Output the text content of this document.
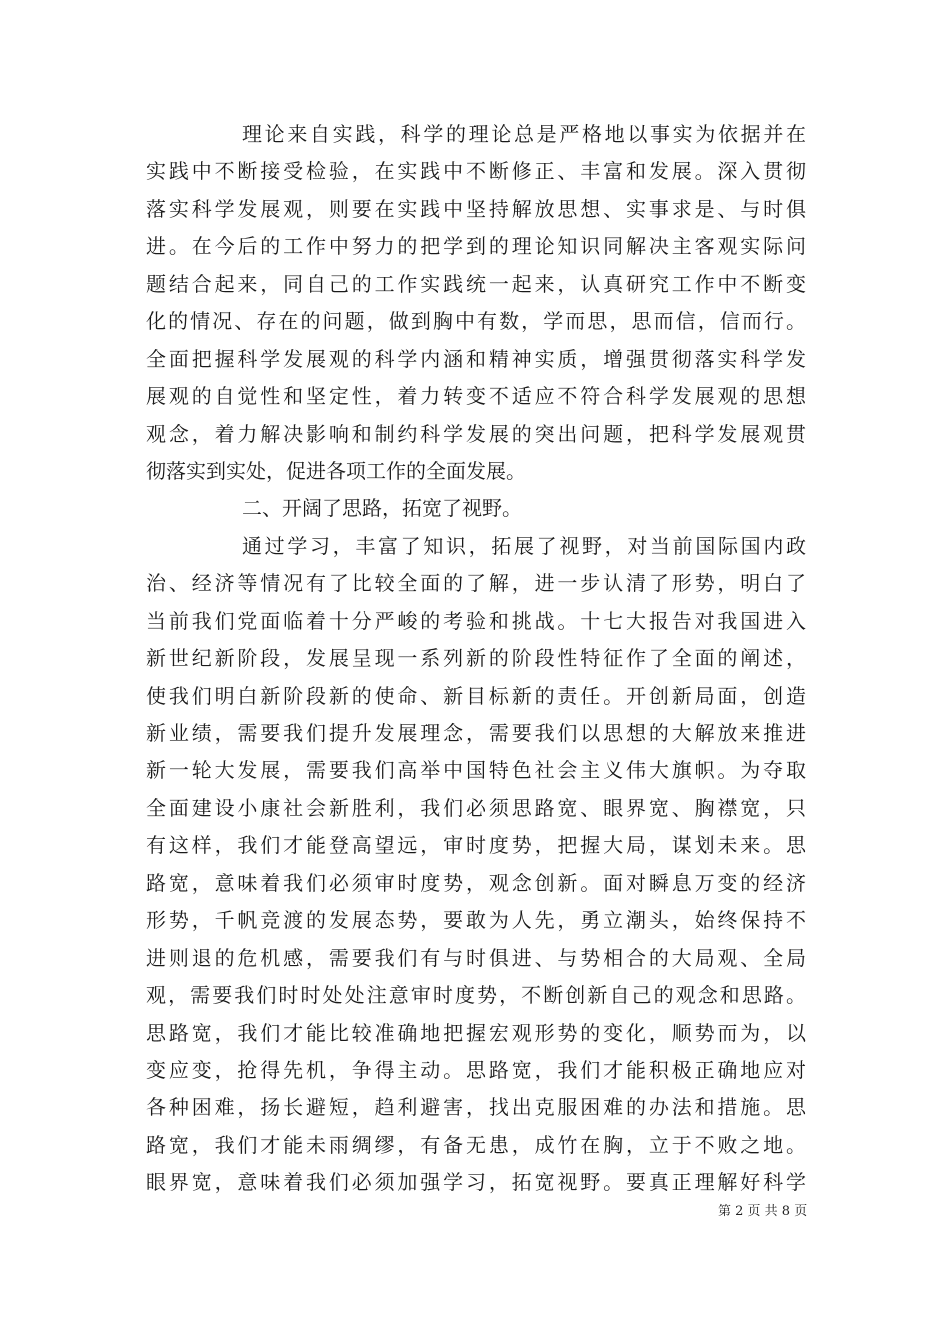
理论来自实践，科学的理论总是严格地以事实为依据并在
实践中不断接受检验，在实践中不断修正、丰富和发展。深入贯彻
落实科学发展观，则要在实践中坚持解放思想、实事求是、与时俱
进。在今后的工作中努力的把学到的理论知识同解决主客观实际问
题结合起来，同自己的工作实践统一起来，认真研究工作中不断变
化的情况、存在的问题，做到胸中有数，学而思，思而信，信而行。
全面把握科学发展观的科学内涵和精神实质，增强贯彻落实科学发
展观的自觉性和坚定性，着力转变不适应不符合科学发展观的思想
观念，着力解决影响和制约科学发展的突出问题，把科学发展观贯
彻落实到实处，促进各项工作的全面发展。
二、开阔了思路，拓宽了视野。
通过学习，丰富了知识，拓展了视野，对当前国际国内政
治、经济等情况有了比较全面的了解，进一步认清了形势，明白了
当前我们党面临着十分严峻的考验和挑战。十七大报告对我国进入
新世纪新阶段，发展呈现一系列新的阶段性特征作了全面的阐述，
使我们明白新阶段新的使命、新目标新的责任。开创新局面，创造
新业绩，需要我们提升发展理念，需要我们以思想的大解放来推进
新一轮大发展，需要我们高举中国特色社会主义伟大旗帜。为夺取
全面建设小康社会新胜利，我们必须思路宽、眼界宽、胸襟宽，只
有这样，我们才能登高望远，审时度势，把握大局，谋划未来。思
路宽，意味着我们必须审时度势，观念创新。面对瞬息万变的经济
形势，千帆竞渡的发展态势，要敢为人先，勇立潮头，始终保持不
进则退的危机感，需要我们有与时俱进、与势相合的大局观、全局
观，需要我们时时处处注意审时度势，不断创新自己的观念和思路。
思路宽，我们才能比较准确地把握宏观形势的变化，顺势而为，以
变应变，抢得先机，争得主动。思路宽，我们才能积极正确地应对
各种困难，扬长避短，趋利避害，找出克服困难的办法和措施。思
路宽，我们才能未雨绸缪，有备无患，成竹在胸，立于不败之地。
眼界宽，意味着我们必须加强学习，拓宽视野。要真正理解好科学
第 2 页 共 8 页
